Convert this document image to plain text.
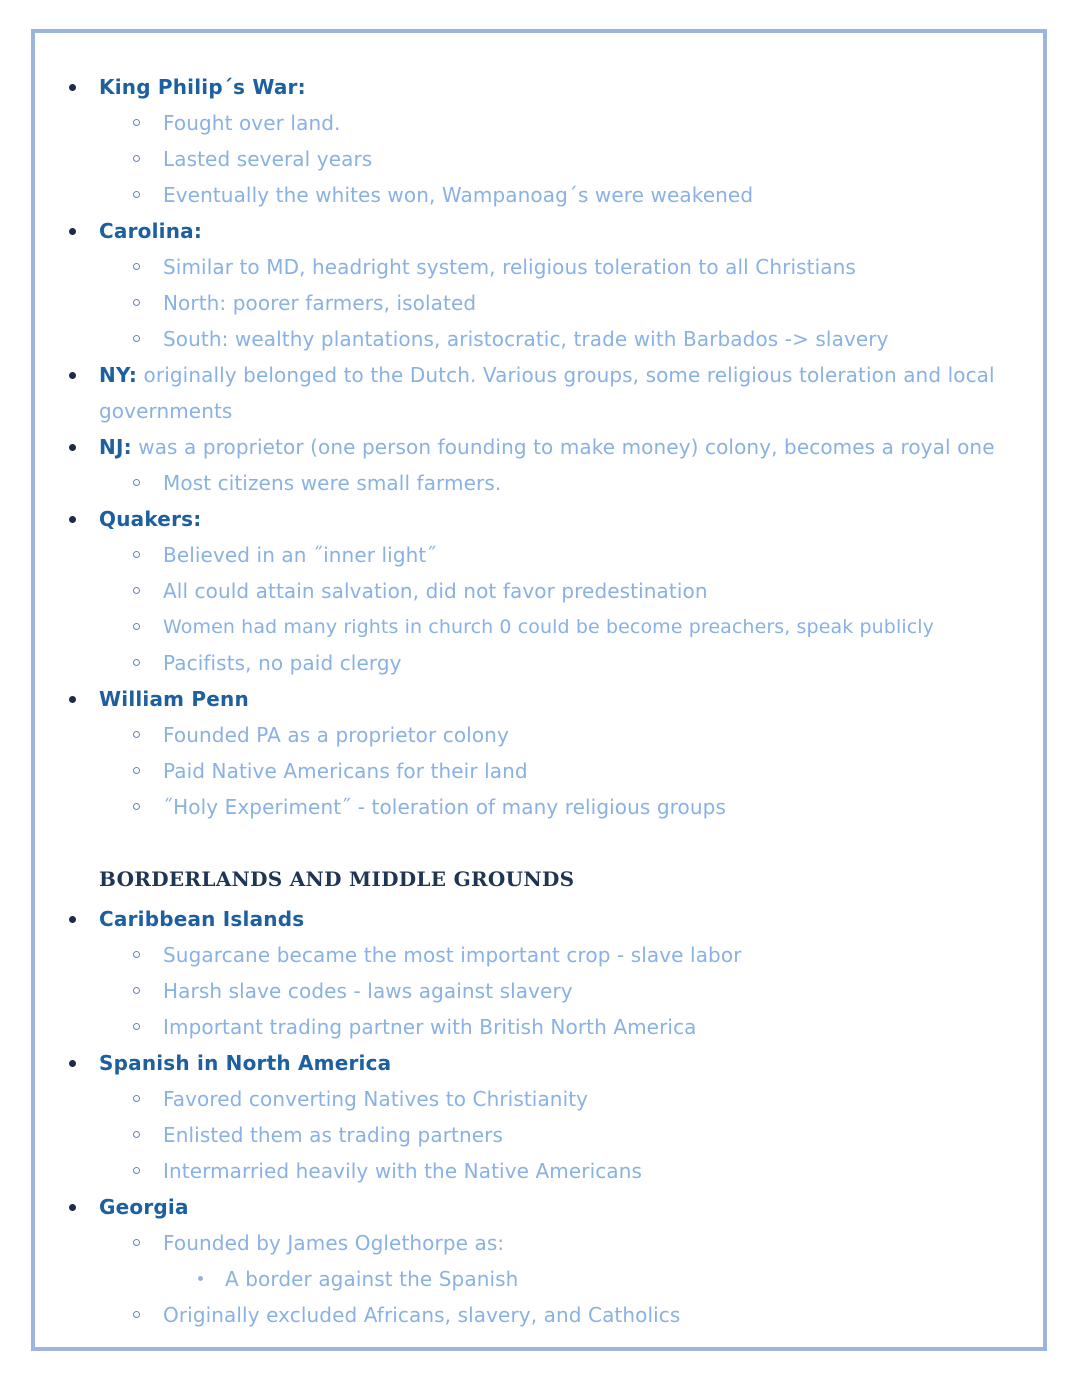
King Philip´s War:
Fought over land.
Lasted several years
Eventually the whites won, Wampanoag´s were weakened
Carolina:
Similar to MD, headright system, religious toleration to all Christians
North: poorer farmers, isolated
South: wealthy plantations, aristocratic, trade with Barbados -> slavery
NY: originally belonged to the Dutch. Various groups, some religious toleration and local
governments
NJ: was a proprietor (one person founding to make money) colony, becomes a royal one
Most citizens were small farmers.
Quakers:
Believed in an ˝inner light˝
All could attain salvation, did not favor predestination
Women had many rights in church 0 could be become preachers, speak publicly
Pacifists, no paid clergy
William Penn
Founded PA as a proprietor colony
Paid Native Americans for their land
˝Holy Experiment˝ - toleration of many religious groups
BORDERLANDS AND MIDDLE GROUNDS
Caribbean Islands
Sugarcane became the most important crop - slave labor
Harsh slave codes - laws against slavery
Important trading partner with British North America
Spanish in North America
Favored converting Natives to Christianity
Enlisted them as trading partners
Intermarried heavily with the Native Americans
Georgia
Founded by James Oglethorpe as:
A border against the Spanish
Originally excluded Africans, slavery, and Catholics
